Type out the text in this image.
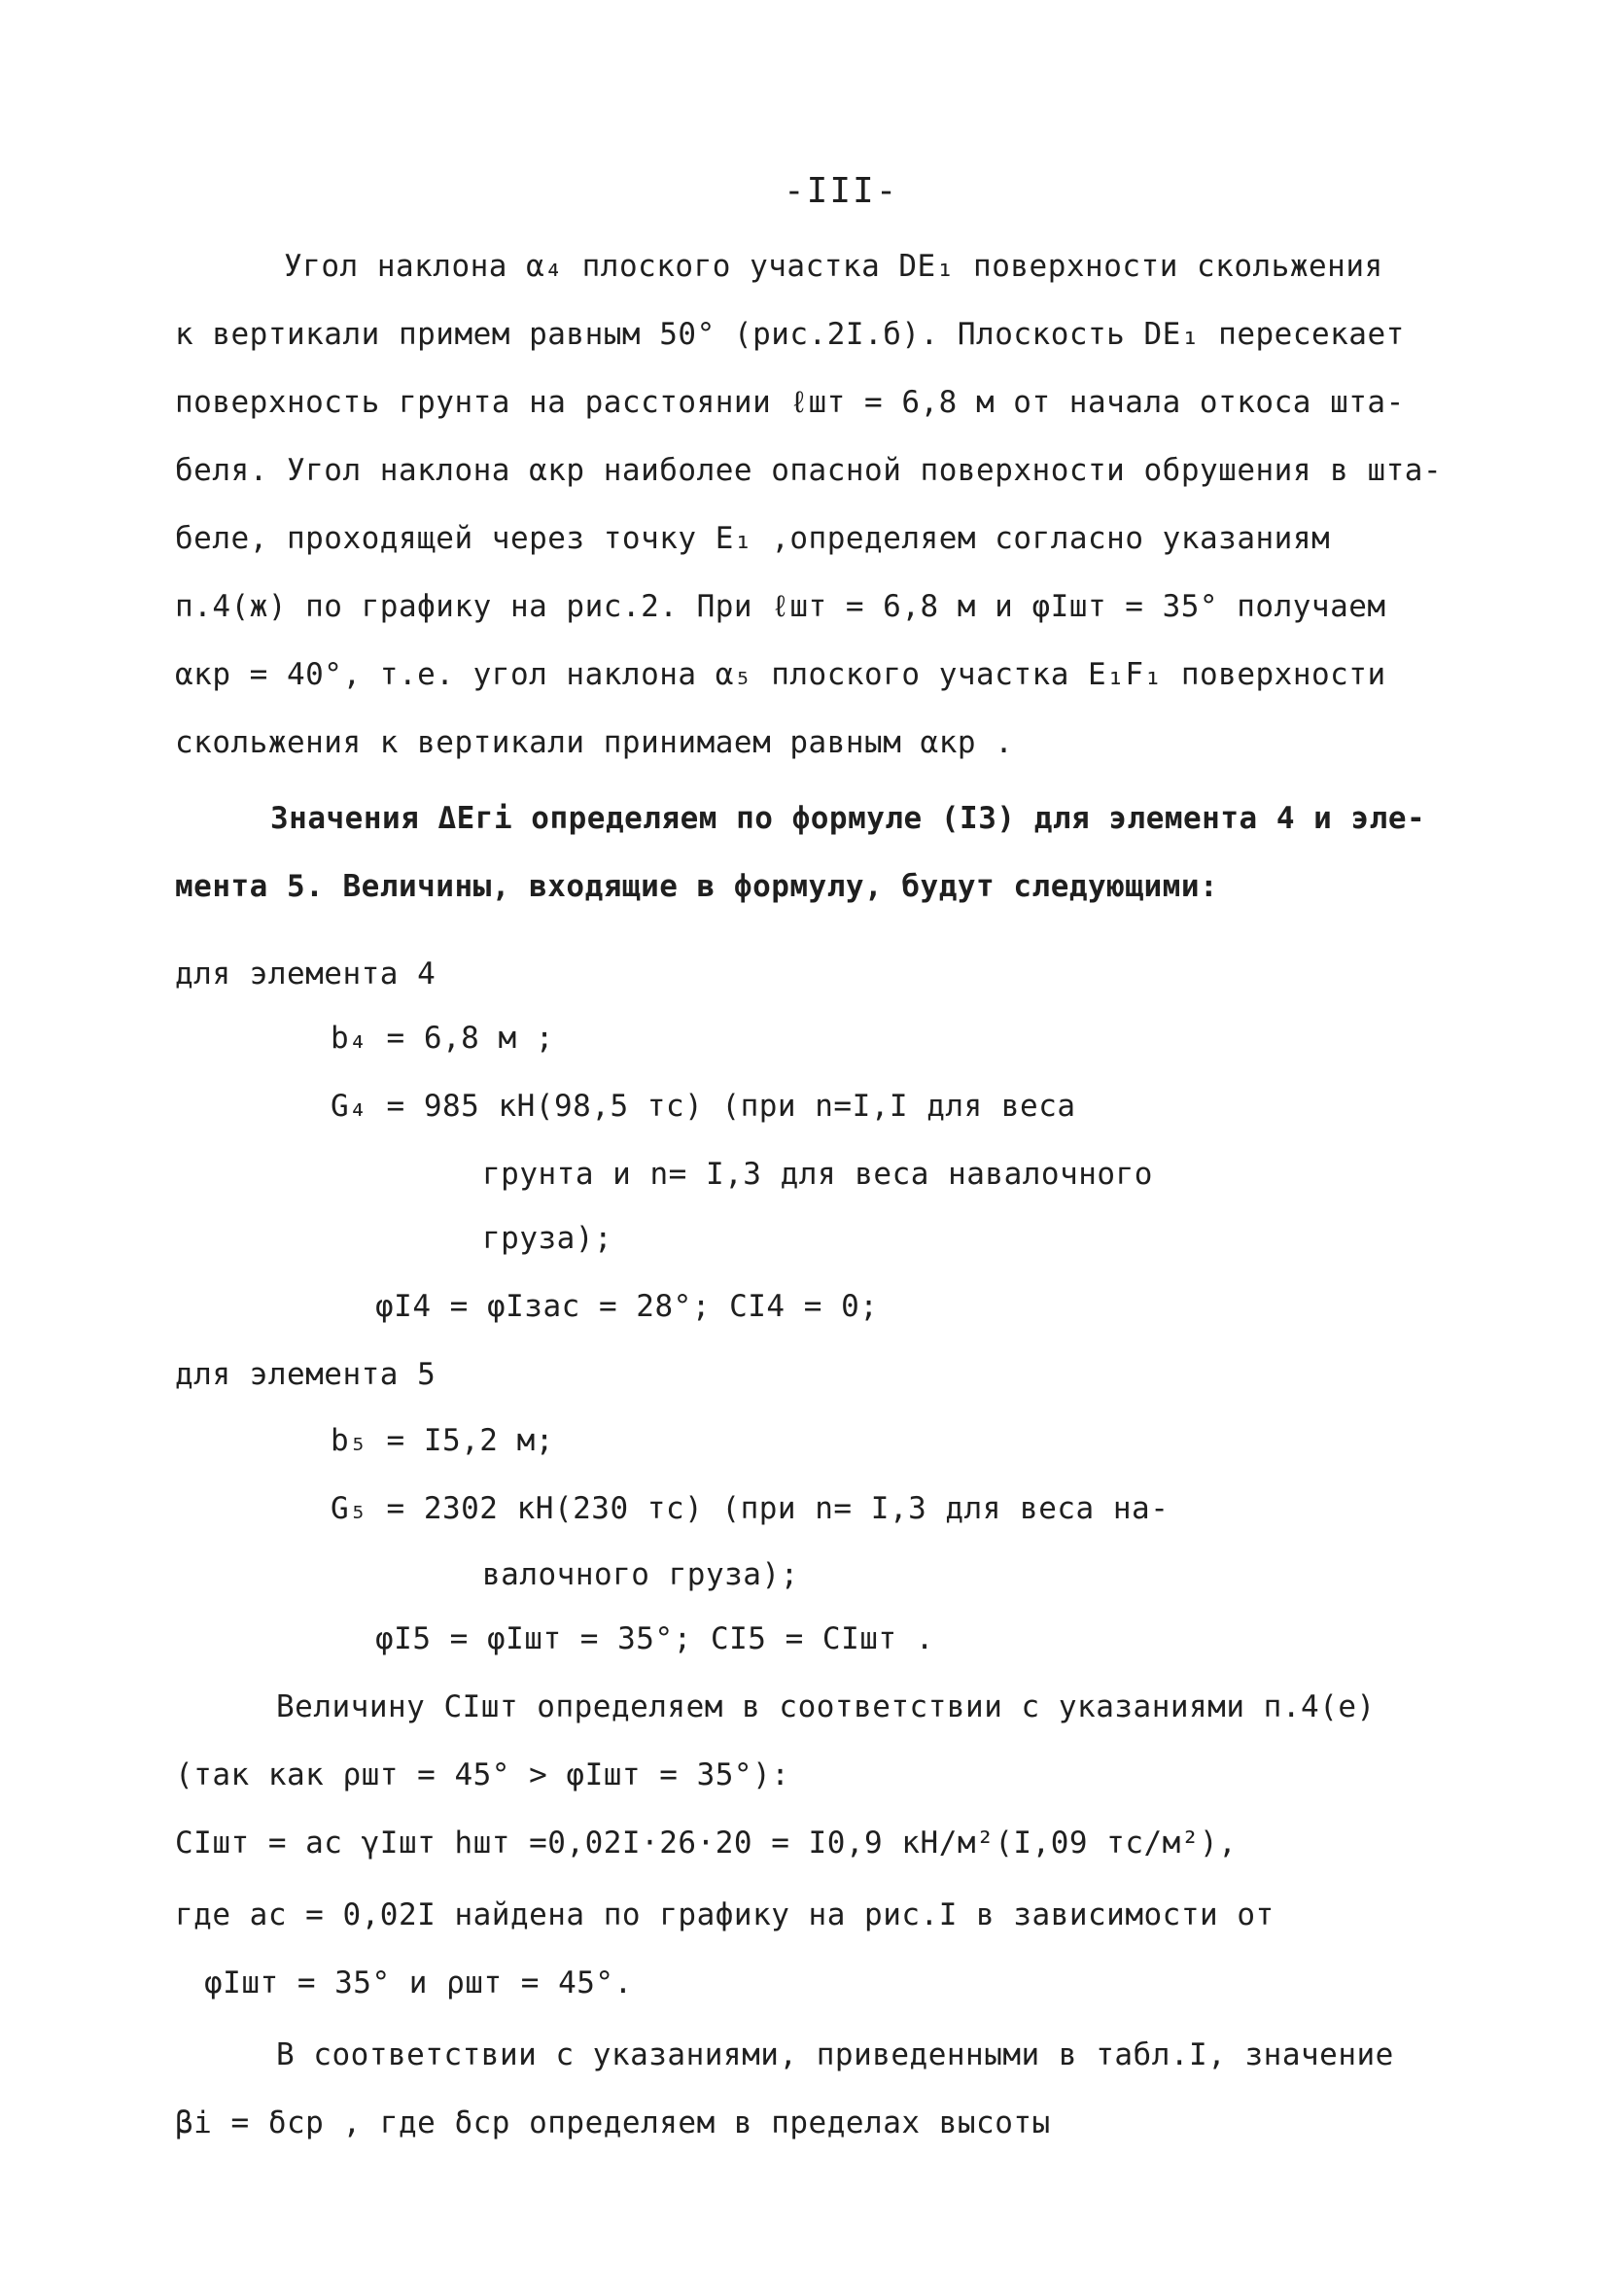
-III-
Угол наклона α₄ плоского участка DE₁ поверхности скольжения
к вертикали примем равным 50° (рис.2I.б). Плоскость DE₁ пересекает
поверхность грунта на расстоянии ℓшт = 6,8 м от начала откоса шта-
беля. Угол наклона αкр наиболее опасной поверхности обрушения в шта-
беле, проходящей через точку E₁ ,определяем согласно указаниям
п.4(ж) по графику на рис.2. При ℓшт = 6,8 м и φIшт = 35° получаем
αкр = 40°, т.е. угол наклона α₅ плоского участка E₁F₁ поверхности
скольжения к вертикали принимаем равным αкр .
Значения ΔEгi определяем по формуле (I3) для элемента 4 и эле-
мента 5. Величины, входящие в формулу, будут следующими:
для элемента 4
b₄ = 6,8 м ;
G₄ = 985 кН(98,5 тс) (при n=I,I для веса
грунта и n= I,3 для веса навалочного
груза);
φI4 = φIзас = 28°; CI4 = 0;
для элемента 5
b₅ = I5,2 м;
G₅ = 2302 кН(230 тс) (при n= I,3 для веса на-
валочного груза);
φI5 = φIшт = 35°; CI5 = CIшт .
Величину CIшт определяем в соответствии с указаниями п.4(е)
(так как ρшт = 45° > φIшт = 35°):
CIшт = ac γIшт hшт =0,02I·26·20 = I0,9 кН/м²(I,09 тс/м²),
где ac = 0,02I найдена по графику на рис.I в зависимости от
φIшт = 35° и ρшт = 45°.
В соответствии с указаниями, приведенными в табл.I, значение
βi = δср , где δср определяем в пределах высоты
